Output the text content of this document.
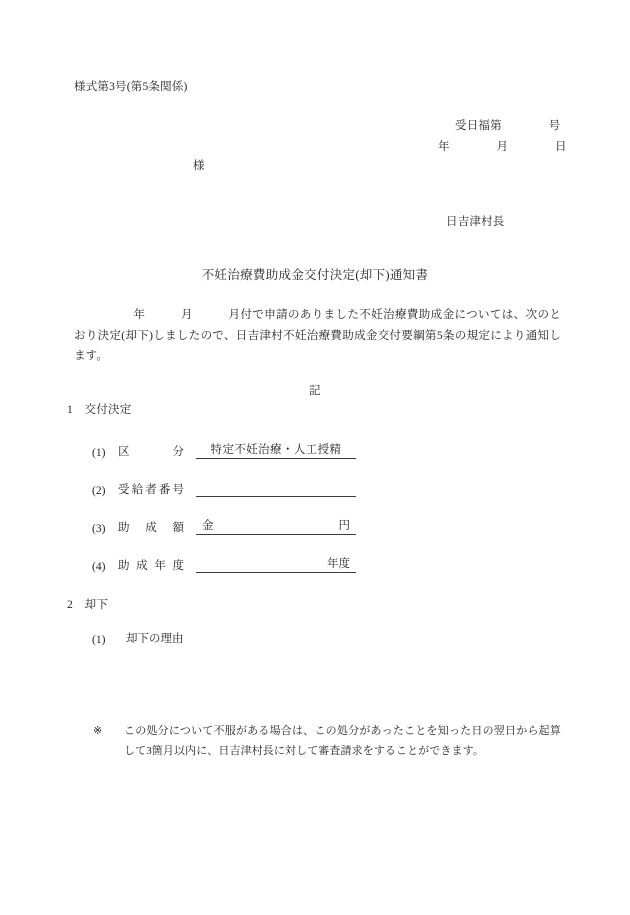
様式第3号(第5条関係)
受日福第　　　　号
年　　　　月　　　　日
様
日吉津村長
不妊治療費助成金交付決定(却下)通知書
　　　　　年　　　月　　　月付で申請のありました不妊治療費助成金については、次のとおり決定(却下)しましたので、日吉津村不妊治療費助成金交付要綱第5条の規定により通知します。
記
1　 交付決定
(1)	区分	特定不妊治療・人工授精
(2)	受給者番号
(3)	助成額 金	円
(4)	助成年度	年度
2　 却下
(1)	却下の理由
※	この処分について不服がある場合は、この処分があったことを知った日の翌日から起算して3箇月以内に、日吉津村長に対して審査請求をすることができます。
